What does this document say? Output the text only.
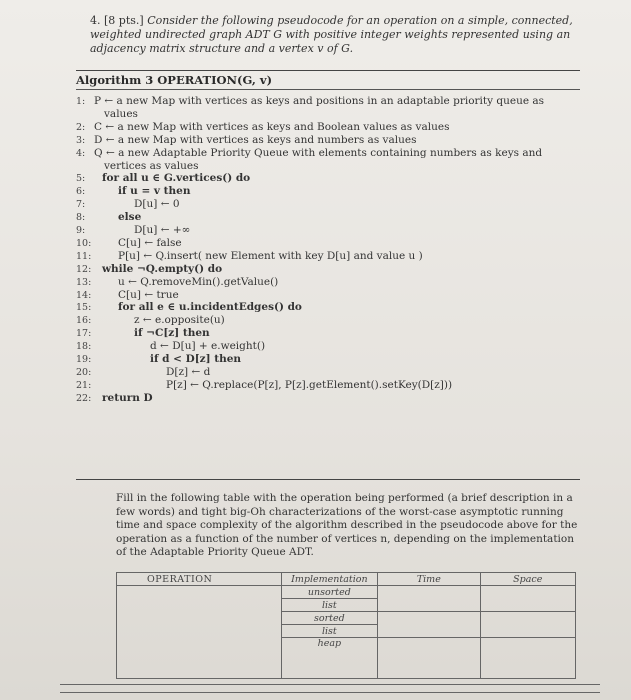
4. [8 pts.] Consider the following pseudocode for an operation on a simple, connected, weighted undirected graph ADT G with positive integer weights represented using an adjacency matrix structure and a vertex v of G.
Algorithm 3 OPERATION(G, v)
1: P ← a new Map with vertices as keys and positions in an adaptable priority queue as
values
2: C ← a new Map with vertices as keys and Boolean values as values
3: D ← a new Map with vertices as keys and numbers as values
4: Q ← a new Adaptable Priority Queue with elements containing numbers as keys and
vertices as values
5: for all u ∈ G.vertices() do
6:	if u = v then
7:	D[u] ← 0
8:	else
9:	D[u] ← +∞
10:	C[u] ← false
11:	P[u] ← Q.insert( new Element with key D[u] and value u )
12: while ¬Q.empty() do
13:	u ← Q.removeMin().getValue()
14:	C[u] ← true
15:	for all e ∈ u.incidentEdges() do
16:	z ← e.opposite(u)
17:	if ¬C[z] then
18:	d ← D[u] + e.weight()
19:	if d < D[z] then
20:	D[z] ← d
21:	P[z] ← Q.replace(P[z], P[z].getElement().setKey(D[z]))
22: return D
Fill in the following table with the operation being performed (a brief description in a few words) and tight big-Oh characterizations of the worst-case asymptotic running time and space complexity of the algorithm described in the pseudocode above for the operation as a function of the number of vertices n, depending on the implementation of the Adaptable Priority Queue ADT.
OPERATION	Implementation	Time	Space
	unsorted		
	list		
	sorted		
	list		
	heap		
